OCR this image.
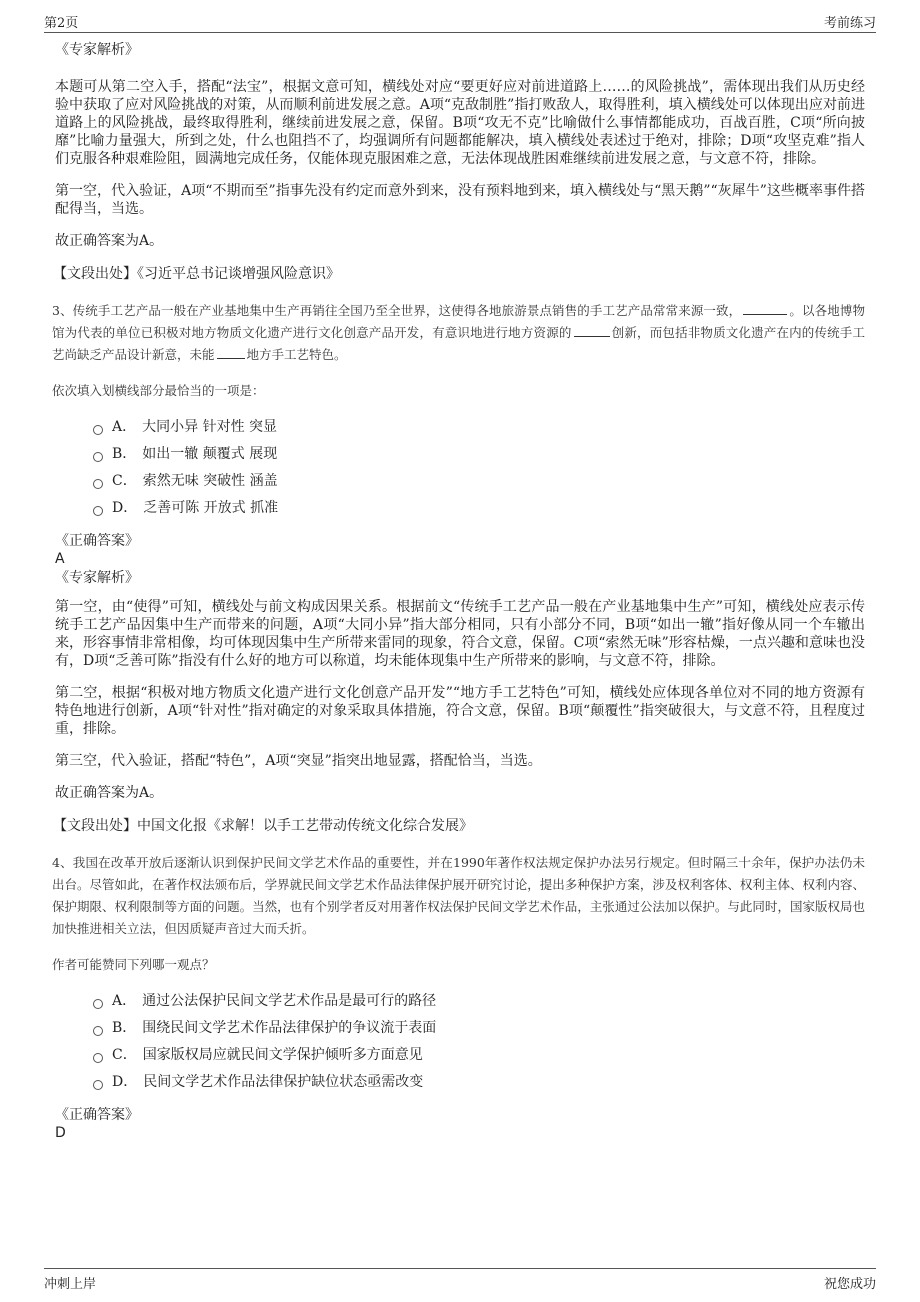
第2页	考前练习
《专家解析》

本题可从第二空入手，搭配“法宝”，根据文意可知，横线处对应“要更好应对前进道路上……的风险挑战”，需体现出我们从历史经验中获取了应对风险挑战的对策，从而顺利前进发展之意。A项“克敌制胜”指打败敌人，取得胜利，填入横线处可以体现出应对前进道路上的风险挑战，最终取得胜利，继续前进发展之意，保留。B项“攻无不克”比喻做什么事情都能成功，百战百胜，C项“所向披靡”比喻力量强大，所到之处，什么也阻挡不了，均强调所有问题都能解决，填入横线处表述过于绝对，排除；D项“攻坚克难”指人们克服各种艰难险阻，圆满地完成任务，仅能体现克服困难之意，无法体现战胜困难继续前进发展之意，与文意不符，排除。

第一空，代入验证，A项“不期而至”指事先没有约定而意外到来，没有预料地到来，填入横线处与“黑天鹅”“灰犀牛”这些概率事件搭配得当，当选。

故正确答案为A。

【文段出处】《习近平总书记谈增强风险意识》

3、传统手工艺产品一般在产业基地集中生产再销往全国乃至全世界，这使得各地旅游景点销售的手工艺产品常常来源一致，	。以各地博物馆为代表的单位已积极对地方物质文化遗产进行文化创意产品开发，有意识地进行地方资源的	创新，而包括非物质文化遗产在内的传统手工艺尚缺乏产品设计新意，未能	地方手工艺特色。

依次填入划横线部分最恰当的一项是：

A． 大同小异 针对性 突显
B． 如出一辙 颠覆式 展现
C． 索然无味 突破性 涵盖
D． 乏善可陈 开放式 抓准
《正确答案》
A
《专家解析》

第一空，由“使得”可知，横线处与前文构成因果关系。根据前文“传统手工艺产品一般在产业基地集中生产”可知，横线处应表示传统手工艺产品因集中生产而带来的问题，A项“大同小异”指大部分相同，只有小部分不同，B项“如出一辙”指好像从同一个车辙出来，形容事情非常相像，均可体现因集中生产所带来雷同的现象，符合文意，保留。C项“索然无味”形容枯燥，一点兴趣和意味也没有，D项“乏善可陈”指没有什么好的地方可以称道，均未能体现集中生产所带来的影响，与文意不符，排除。

第二空，根据“积极对地方物质文化遗产进行文化创意产品开发”“地方手工艺特色”可知，横线处应体现各单位对不同的地方资源有特色地进行创新，A项“针对性”指对确定的对象采取具体措施，符合文意，保留。B项“颠覆性”指突破很大，与文意不符，且程度过重，排除。

第三空，代入验证，搭配“特色”，A项“突显”指突出地显露，搭配恰当，当选。

故正确答案为A。

【文段出处】中国文化报《求解！以手工艺带动传统文化综合发展》

4、我国在改革开放后逐渐认识到保护民间文学艺术作品的重要性，并在1990年著作权法规定保护办法另行规定。但时隔三十余年，保护办法仍未出台。尽管如此，在著作权法颁布后，学界就民间文学艺术作品法律保护展开研究讨论，提出多种保护方案，涉及权利客体、权利主体、权利内容、保护期限、权利限制等方面的问题。当然，也有个别学者反对用著作权法保护民间文学艺术作品，主张通过公法加以保护。与此同时，国家版权局也加快推进相关立法，但因质疑声音过大而夭折。

作者可能赞同下列哪一观点？

A． 通过公法保护民间文学艺术作品是最可行的路径
B． 围绕民间文学艺术作品法律保护的争议流于表面
C． 国家版权局应就民间文学保护倾听多方面意见
D． 民间文学艺术作品法律保护缺位状态亟需改变
《正确答案》
D
冲刺上岸	祝您成功
